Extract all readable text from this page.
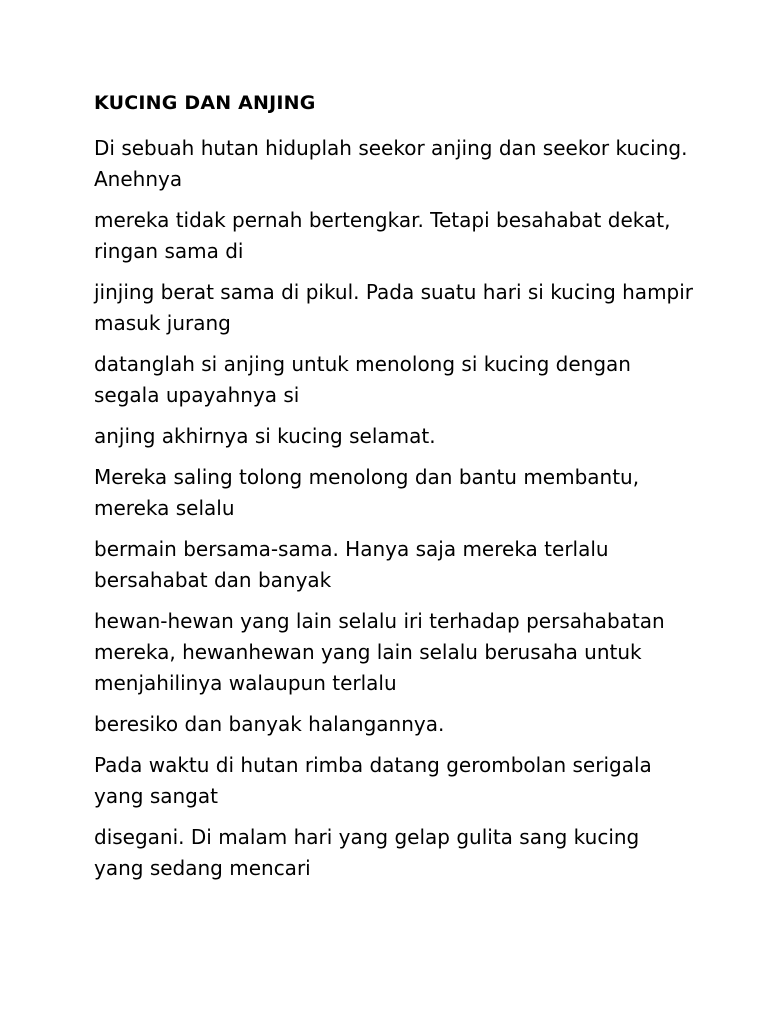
KUCING DAN ANJING

Di sebuah hutan hiduplah seekor anjing dan seekor kucing. Anehnya

mereka tidak pernah bertengkar. Tetapi besahabat dekat, ringan sama di

jinjing berat sama di pikul. Pada suatu hari si kucing hampir masuk jurang

datanglah si anjing untuk menolong si kucing dengan segala upayahnya si

anjing akhirnya si kucing selamat.

Mereka saling tolong menolong dan bantu membantu, mereka selalu

bermain bersama-sama. Hanya saja mereka terlalu bersahabat dan banyak

hewan-hewan yang lain selalu iri terhadap persahabatan mereka, hewanhewan yang lain selalu berusaha untuk menjahilinya walaupun terlalu

beresiko dan banyak halangannya.

Pada waktu di hutan rimba datang gerombolan serigala yang sangat

disegani. Di malam hari yang gelap gulita sang kucing yang sedang mencari
